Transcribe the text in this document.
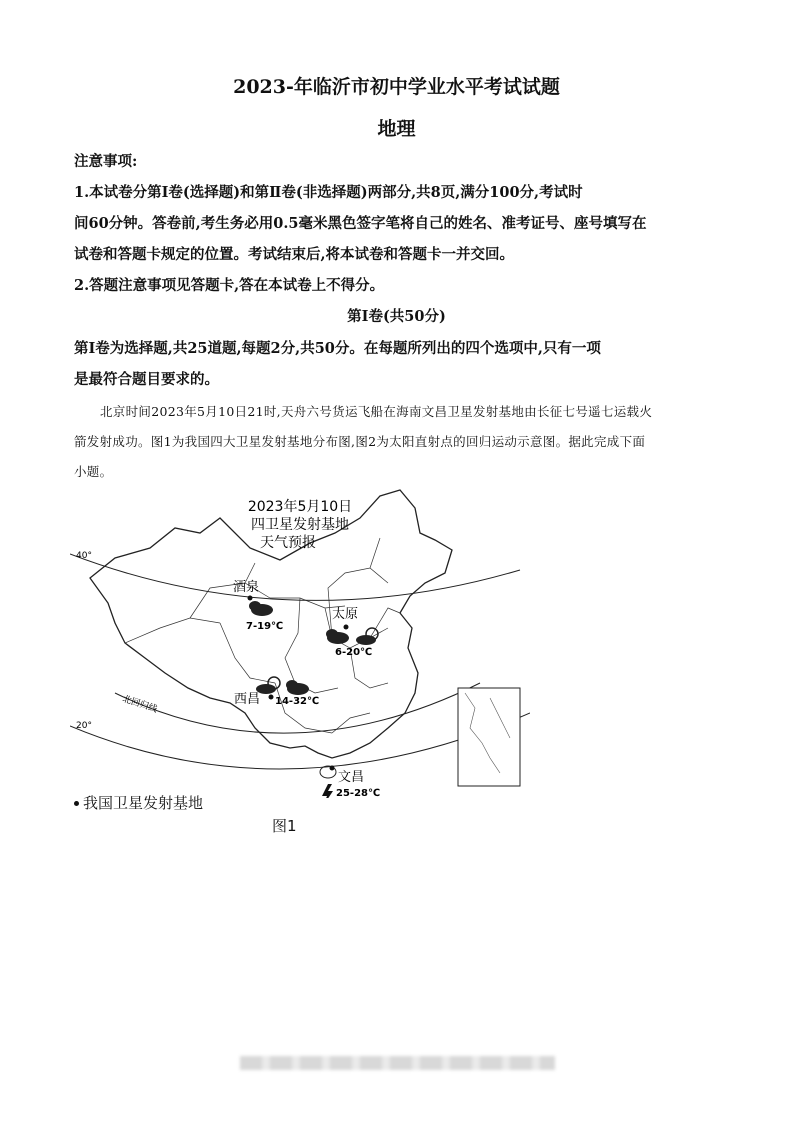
2023-年临沂市初中学业水平考试试题
地理
注意事项:
1.本试卷分第Ⅰ卷(选择题)和第Ⅱ卷(非选择题)两部分,共8页,满分100分,考试时
间60分钟。答卷前,考生务必用0.5毫米黑色签字笔将自己的姓名、准考证号、座号填写在
试卷和答题卡规定的位置。考试结束后,将本试卷和答题卡一并交回。
2.答题注意事项见答题卡,答在本试卷上不得分。
第Ⅰ卷(共50分)
第Ⅰ卷为选择题,共25道题,每题2分,共50分。在每题所列出的四个选项中,只有一项
是最符合题目要求的。
北京时间2023年5月10日21时,天舟六号货运飞船在海南文昌卫星发射基地由长征七号遥七运载火
箭发射成功。图1为我国四大卫星发射基地分布图,图2为太阳直射点的回归运动示意图。据此完成下面
小题。
40°
20°
北回归线
2023年5月10日
四卫星发射基地
天气预报
酒泉
7-19℃
太原
6-20℃
西昌 14-32℃
文昌
25-28℃
我国卫星发射基地
图1
